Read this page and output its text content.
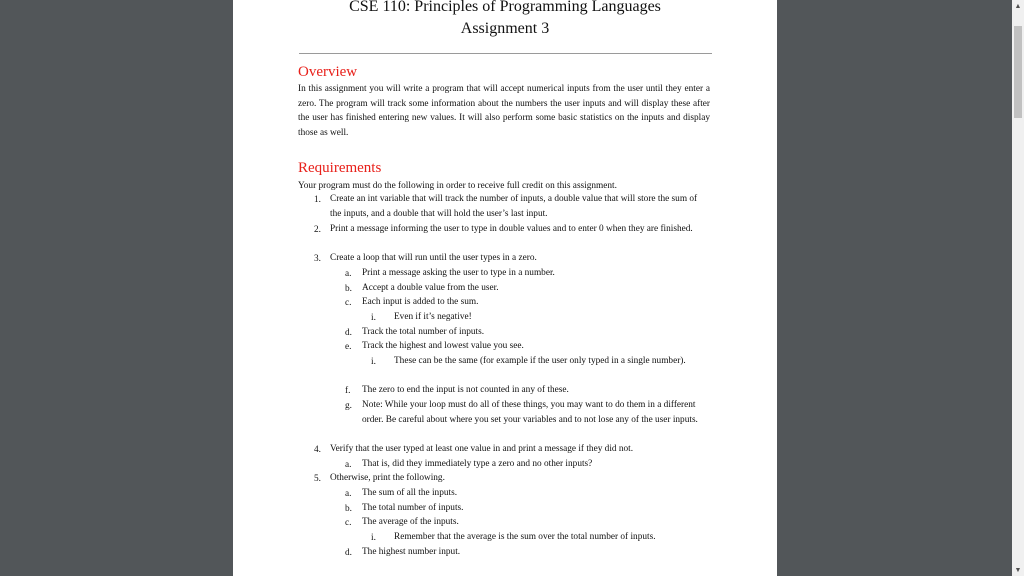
CSE 110: Principles of Programming Languages
Assignment 3
Overview
In this assignment you will write a program that will accept numerical inputs from the user until they enter a zero. The program will track some information about the numbers the user inputs and will display these after the user has finished entering new values. It will also perform some basic statistics on the inputs and display those as well.
Requirements
Your program must do the following in order to receive full credit on this assignment.
1. Create an int variable that will track the number of inputs, a double value that will store the sum of the inputs, and a double that will hold the user’s last input.
2. Print a message informing the user to type in double values and to enter 0 when they are finished.
3. Create a loop that will run until the user types in a zero.
a. Print a message asking the user to type in a number.
b. Accept a double value from the user.
c. Each input is added to the sum.
i. Even if it’s negative!
d. Track the total number of inputs.
e. Track the highest and lowest value you see.
i. These can be the same (for example if the user only typed in a single number).
f. The zero to end the input is not counted in any of these.
g. Note: While your loop must do all of these things, you may want to do them in a different order. Be careful about where you set your variables and to not lose any of the user inputs.
4. Verify that the user typed at least one value in and print a message if they did not.
a. That is, did they immediately type a zero and no other inputs?
5. Otherwise, print the following.
a. The sum of all the inputs.
b. The total number of inputs.
c. The average of the inputs.
i. Remember that the average is the sum over the total number of inputs.
d. The highest number input.
▲
▼
